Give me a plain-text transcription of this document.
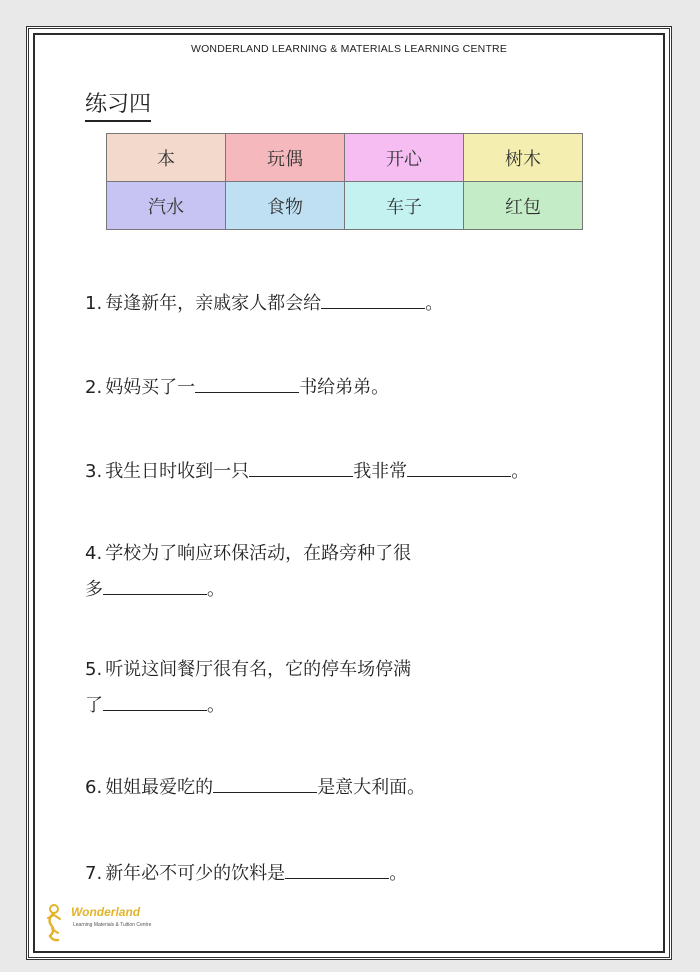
WONDERLAND LEARNING & MATERIALS LEARNING CENTRE
练习四
本	玩偶	开心	树木
汽水	食物	车子	红包
1. 每逢新年，亲戚家人都会给	。
2. 妈妈买了一	书给弟弟。
3. 我生日时收到一只	我非常	。
4. 学校为了响应环保活动，在路旁种了很
多	。
5. 听说这间餐厅很有名，它的停车场停满
了	。
6. 姐姐最爱吃的	是意大利面。
7. 新年必不可少的饮料是	。
Wonderland
Learning Materials & Tuition Centre
